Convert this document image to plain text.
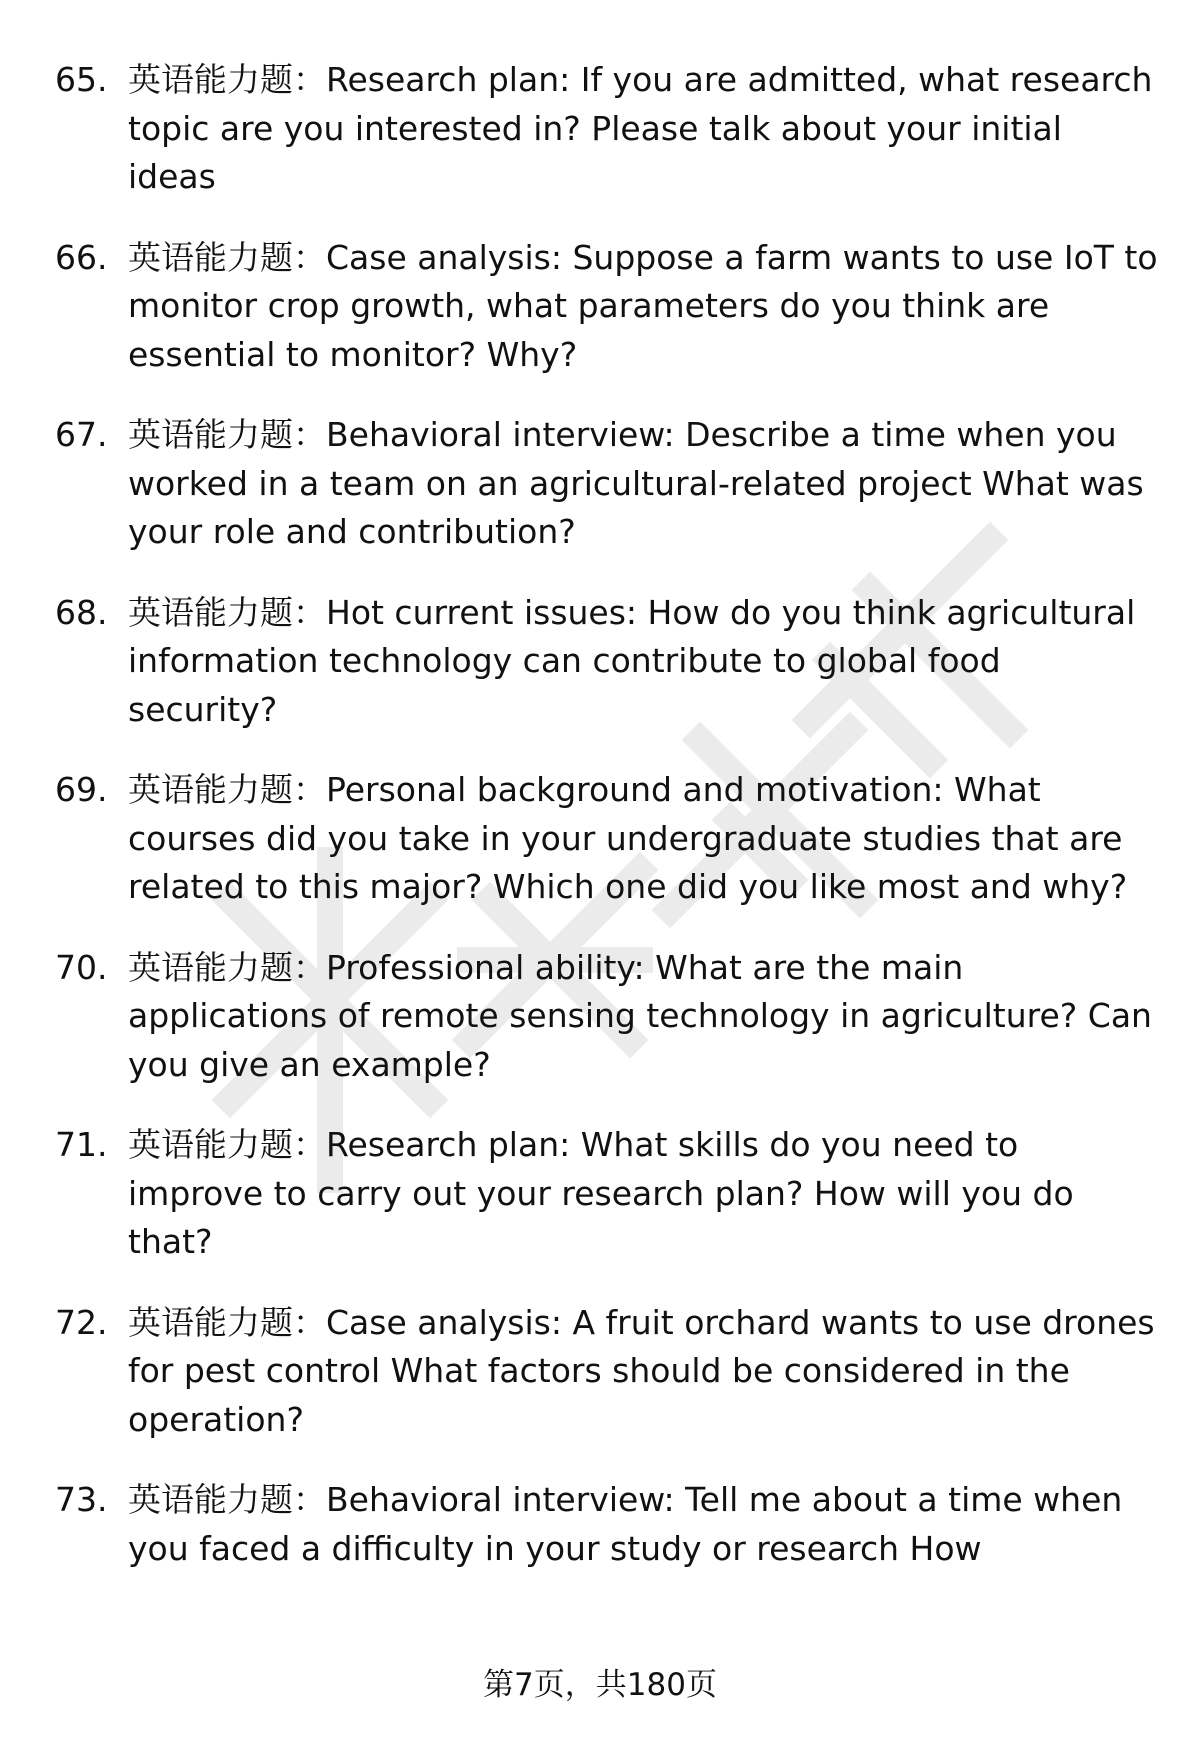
65. 英语能力题：Research plan: If you are admitted, what research topic are you interested in? Please talk about your initial ideas
66. 英语能力题：Case analysis: Suppose a farm wants to use IoT to monitor crop growth, what parameters do you think are essential to monitor? Why?
67. 英语能力题：Behavioral interview: Describe a time when you worked in a team on an agricultural-related project What was your role and contribution?
68. 英语能力题：Hot current issues: How do you think agricultural information technology can contribute to global food security?
69. 英语能力题：Personal background and motivation: What courses did you take in your undergraduate studies that are related to this major? Which one did you like most and why?
70. 英语能力题：Professional ability: What are the main applications of remote sensing technology in agriculture? Can you give an example?
71. 英语能力题：Research plan: What skills do you need to improve to carry out your research plan? How will you do that?
72. 英语能力题：Case analysis: A fruit orchard wants to use drones for pest control What factors should be considered in the operation?
73. 英语能力题：Behavioral interview: Tell me about a time when you faced a difficulty in your study or research How
第7页，共180页
